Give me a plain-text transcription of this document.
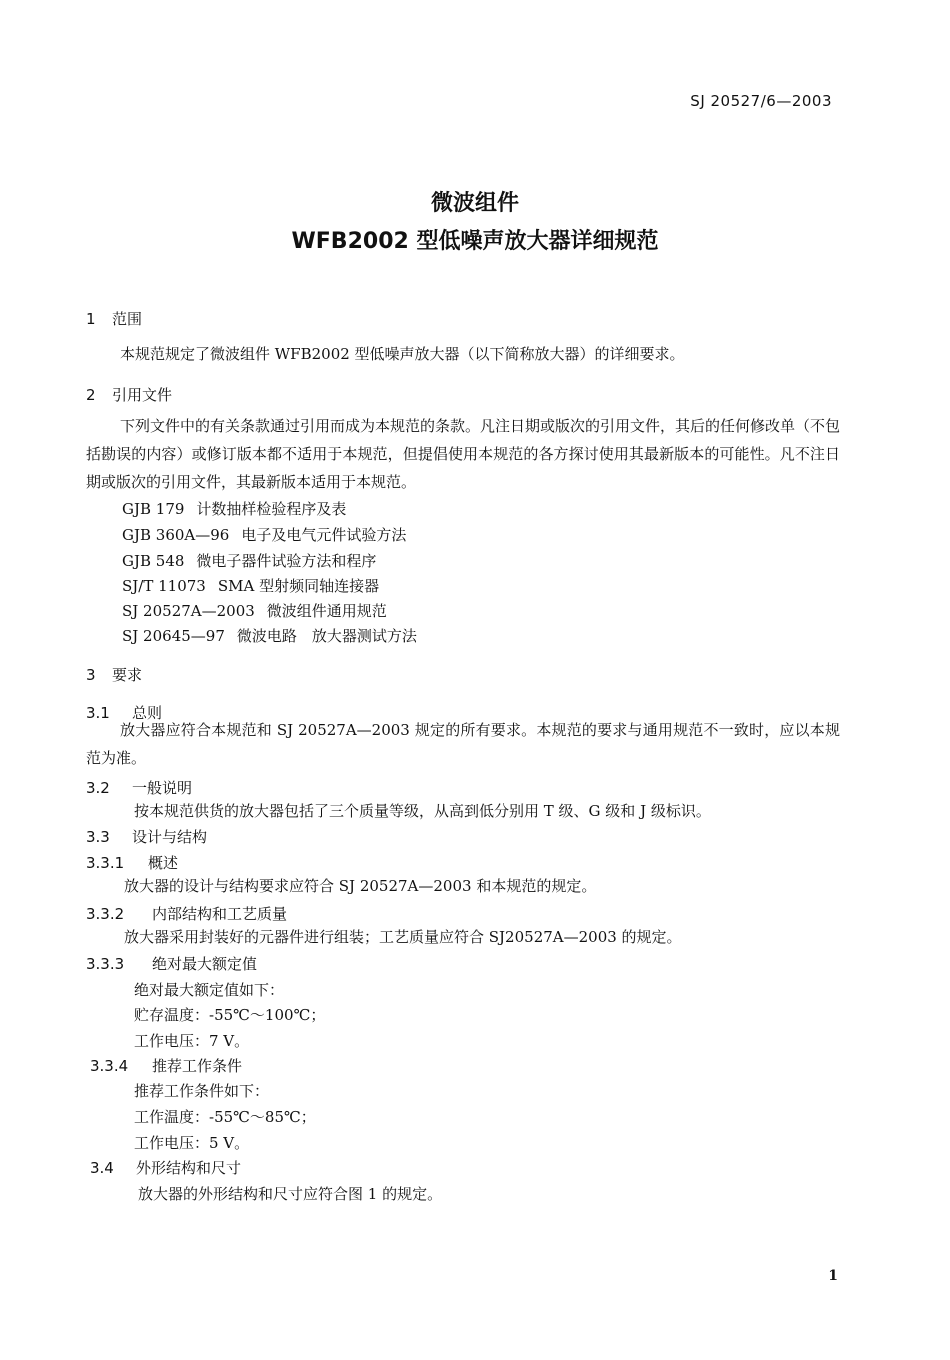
SJ 20527/6—2003
微波组件
WFB2002 型低噪声放大器详细规范
1 范围
本规范规定了微波组件 WFB2002 型低噪声放大器（以下简称放大器）的详细要求。
2 引用文件
下列文件中的有关条款通过引用而成为本规范的条款。凡注日期或版次的引用文件，其后的任何修改单（不包括勘误的内容）或修订版本都不适用于本规范，但提倡使用本规范的各方探讨使用其最新版本的可能性。凡不注日期或版次的引用文件，其最新版本适用于本规范。
GJB 179 计数抽样检验程序及表
GJB 360A—96 电子及电气元件试验方法
GJB 548 微电子器件试验方法和程序
SJ/T 11073 SMA 型射频同轴连接器
SJ 20527A—2003 微波组件通用规范
SJ 20645—97 微波电路　放大器测试方法
3 要求
3.1 总则
放大器应符合本规范和 SJ 20527A—2003 规定的所有要求。本规范的要求与通用规范不一致时，应以本规范为准。
3.2 一般说明
按本规范供货的放大器包括了三个质量等级，从高到低分别用 T 级、G 级和 J 级标识。
3.3 设计与结构
3.3.1 概述
放大器的设计与结构要求应符合 SJ 20527A—2003 和本规范的规定。
3.3.2 内部结构和工艺质量
放大器采用封装好的元器件进行组装；工艺质量应符合 SJ20527A—2003 的规定。
3.3.3 绝对最大额定值
绝对最大额定值如下：
贮存温度：-55℃～100℃；
工作电压：7 V。
3.3.4 推荐工作条件
推荐工作条件如下：
工作温度：-55℃～85℃；
工作电压：5 V。
3.4 外形结构和尺寸
放大器的外形结构和尺寸应符合图 1 的规定。
1
